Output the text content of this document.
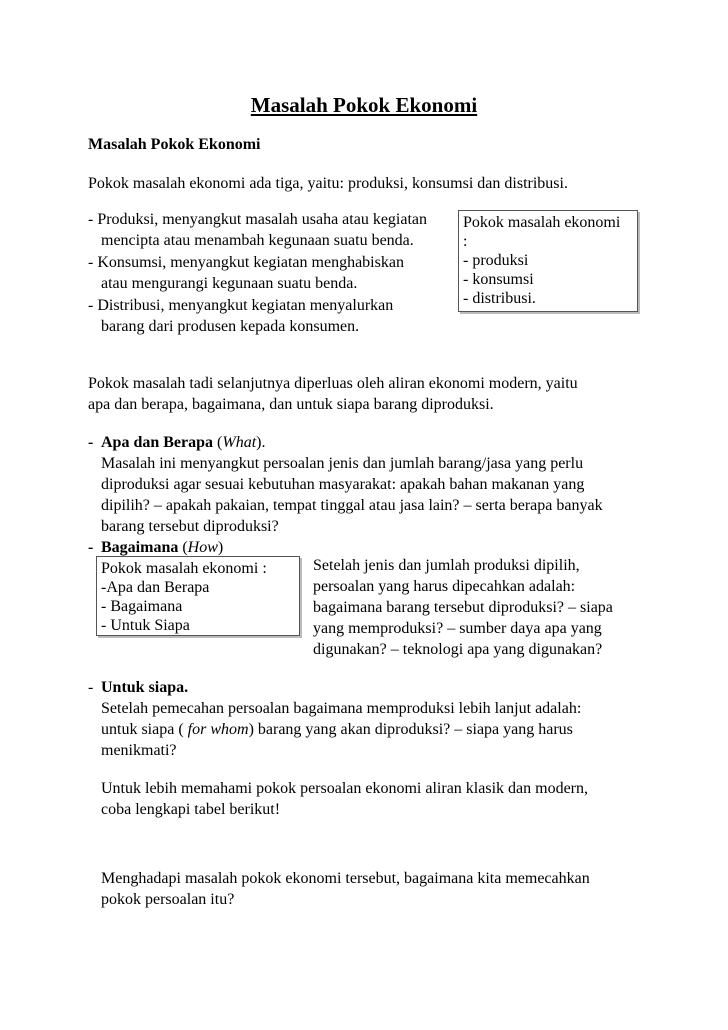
Masalah Pokok Ekonomi
Masalah Pokok Ekonomi
Pokok masalah ekonomi ada tiga, yaitu: produksi, konsumsi dan distribusi.
- Produksi, menyangkut masalah usaha atau kegiatan
mencipta atau menambah kegunaan suatu benda.
- Konsumsi, menyangkut kegiatan menghabiskan
atau mengurangi kegunaan suatu benda.
- Distribusi, menyangkut kegiatan menyalurkan
barang dari produsen kepada konsumen.
Pokok masalah ekonomi
:
- produksi
- konsumsi
- distribusi.
Pokok masalah tadi selanjutnya diperluas oleh aliran ekonomi modern, yaitu
apa dan berapa, bagaimana, dan untuk siapa barang diproduksi.
- Apa dan Berapa (What).
Masalah ini menyangkut persoalan jenis dan jumlah barang/jasa yang perlu
diproduksi agar sesuai kebutuhan masyarakat: apakah bahan makanan yang
dipilih? – apakah pakaian, tempat tinggal atau jasa lain? – serta berapa banyak
barang tersebut diproduksi?
- Bagaimana (How)
Pokok masalah ekonomi :
-Apa dan Berapa
- Bagaimana
- Untuk Siapa
Setelah jenis dan jumlah produksi dipilih,
persoalan yang harus dipecahkan adalah:
bagaimana barang tersebut diproduksi? – siapa
yang memproduksi? – sumber daya apa yang
digunakan? – teknologi apa yang digunakan?
- Untuk siapa.
Setelah pemecahan persoalan bagaimana memproduksi lebih lanjut adalah:
untuk siapa ( for whom) barang yang akan diproduksi? – siapa yang harus
menikmati?
Untuk lebih memahami pokok persoalan ekonomi aliran klasik dan modern,
coba lengkapi tabel berikut!
Menghadapi masalah pokok ekonomi tersebut, bagaimana kita memecahkan
pokok persoalan itu?
